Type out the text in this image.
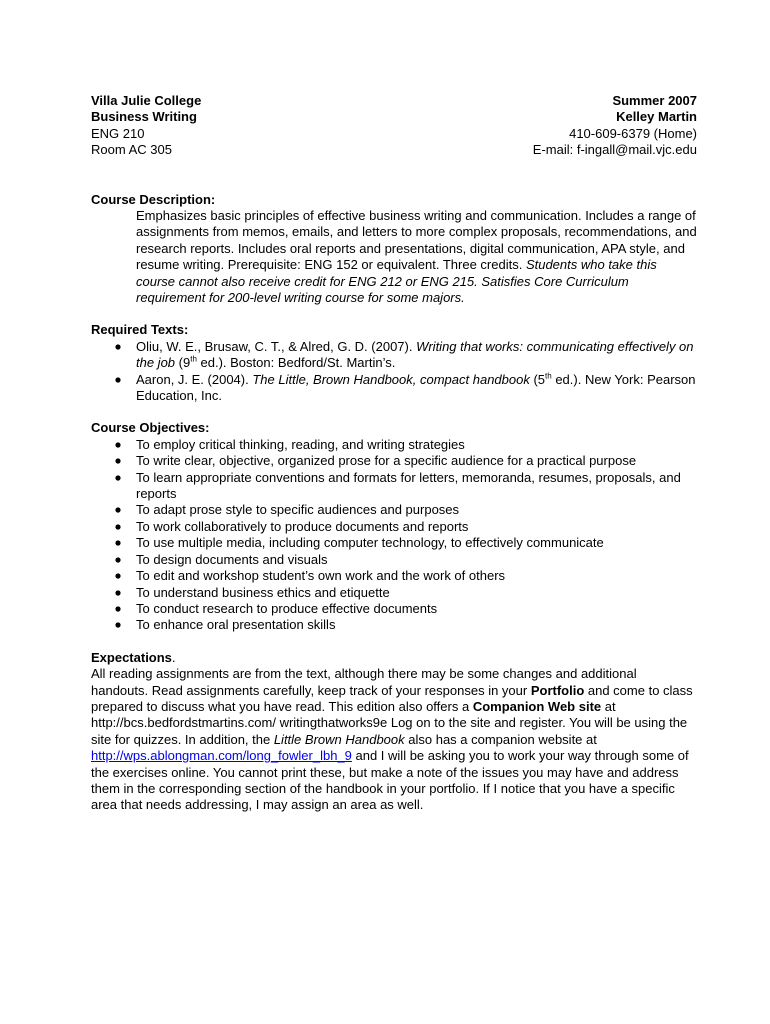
Villa Julie College
Business Writing
ENG 210
Room AC 305
Summer 2007
Kelley Martin
410-609-6379 (Home)
E-mail: f-ingall@mail.vjc.edu
Course Description:
Emphasizes basic principles of effective business writing and communication. Includes a range of assignments from memos, emails, and letters to more complex proposals, recommendations, and research reports. Includes oral reports and presentations, digital communication, APA style, and resume writing. Prerequisite: ENG 152 or equivalent. Three credits. Students who take this course cannot also receive credit for ENG 212 or ENG 215. Satisfies Core Curriculum requirement for 200-level writing course for some majors.
Required Texts:
Oliu, W. E., Brusaw, C. T., & Alred, G. D. (2007). Writing that works: communicating effectively on the job (9th ed.). Boston: Bedford/St. Martin’s.
Aaron, J. E. (2004). The Little, Brown Handbook, compact handbook (5th ed.). New York: Pearson Education, Inc.
Course Objectives:
To employ critical thinking, reading, and writing strategies
To write clear, objective, organized prose for a specific audience for a practical purpose
To learn appropriate conventions and formats for letters, memoranda, resumes, proposals, and reports
To adapt prose style to specific audiences and purposes
To work collaboratively to produce documents and reports
To use multiple media, including computer technology, to effectively communicate
To design documents and visuals
To edit and workshop student’s own work and the work of others
To understand business ethics and etiquette
To conduct research to produce effective documents
To enhance oral presentation skills
Expectations.
All reading assignments are from the text, although there may be some changes and additional handouts. Read assignments carefully, keep track of your responses in your Portfolio and come to class prepared to discuss what you have read. This edition also offers a Companion Web site at http://bcs.bedfordstmartins.com/ writingthatworks9e Log on to the site and register. You will be using the site for quizzes. In addition, the Little Brown Handbook also has a companion website at http://wps.ablongman.com/long_fowler_lbh_9 and I will be asking you to work your way through some of the exercises online. You cannot print these, but make a note of the issues you may have and address them in the corresponding section of the handbook in your portfolio. If I notice that you have a specific area that needs addressing, I may assign an area as well.
